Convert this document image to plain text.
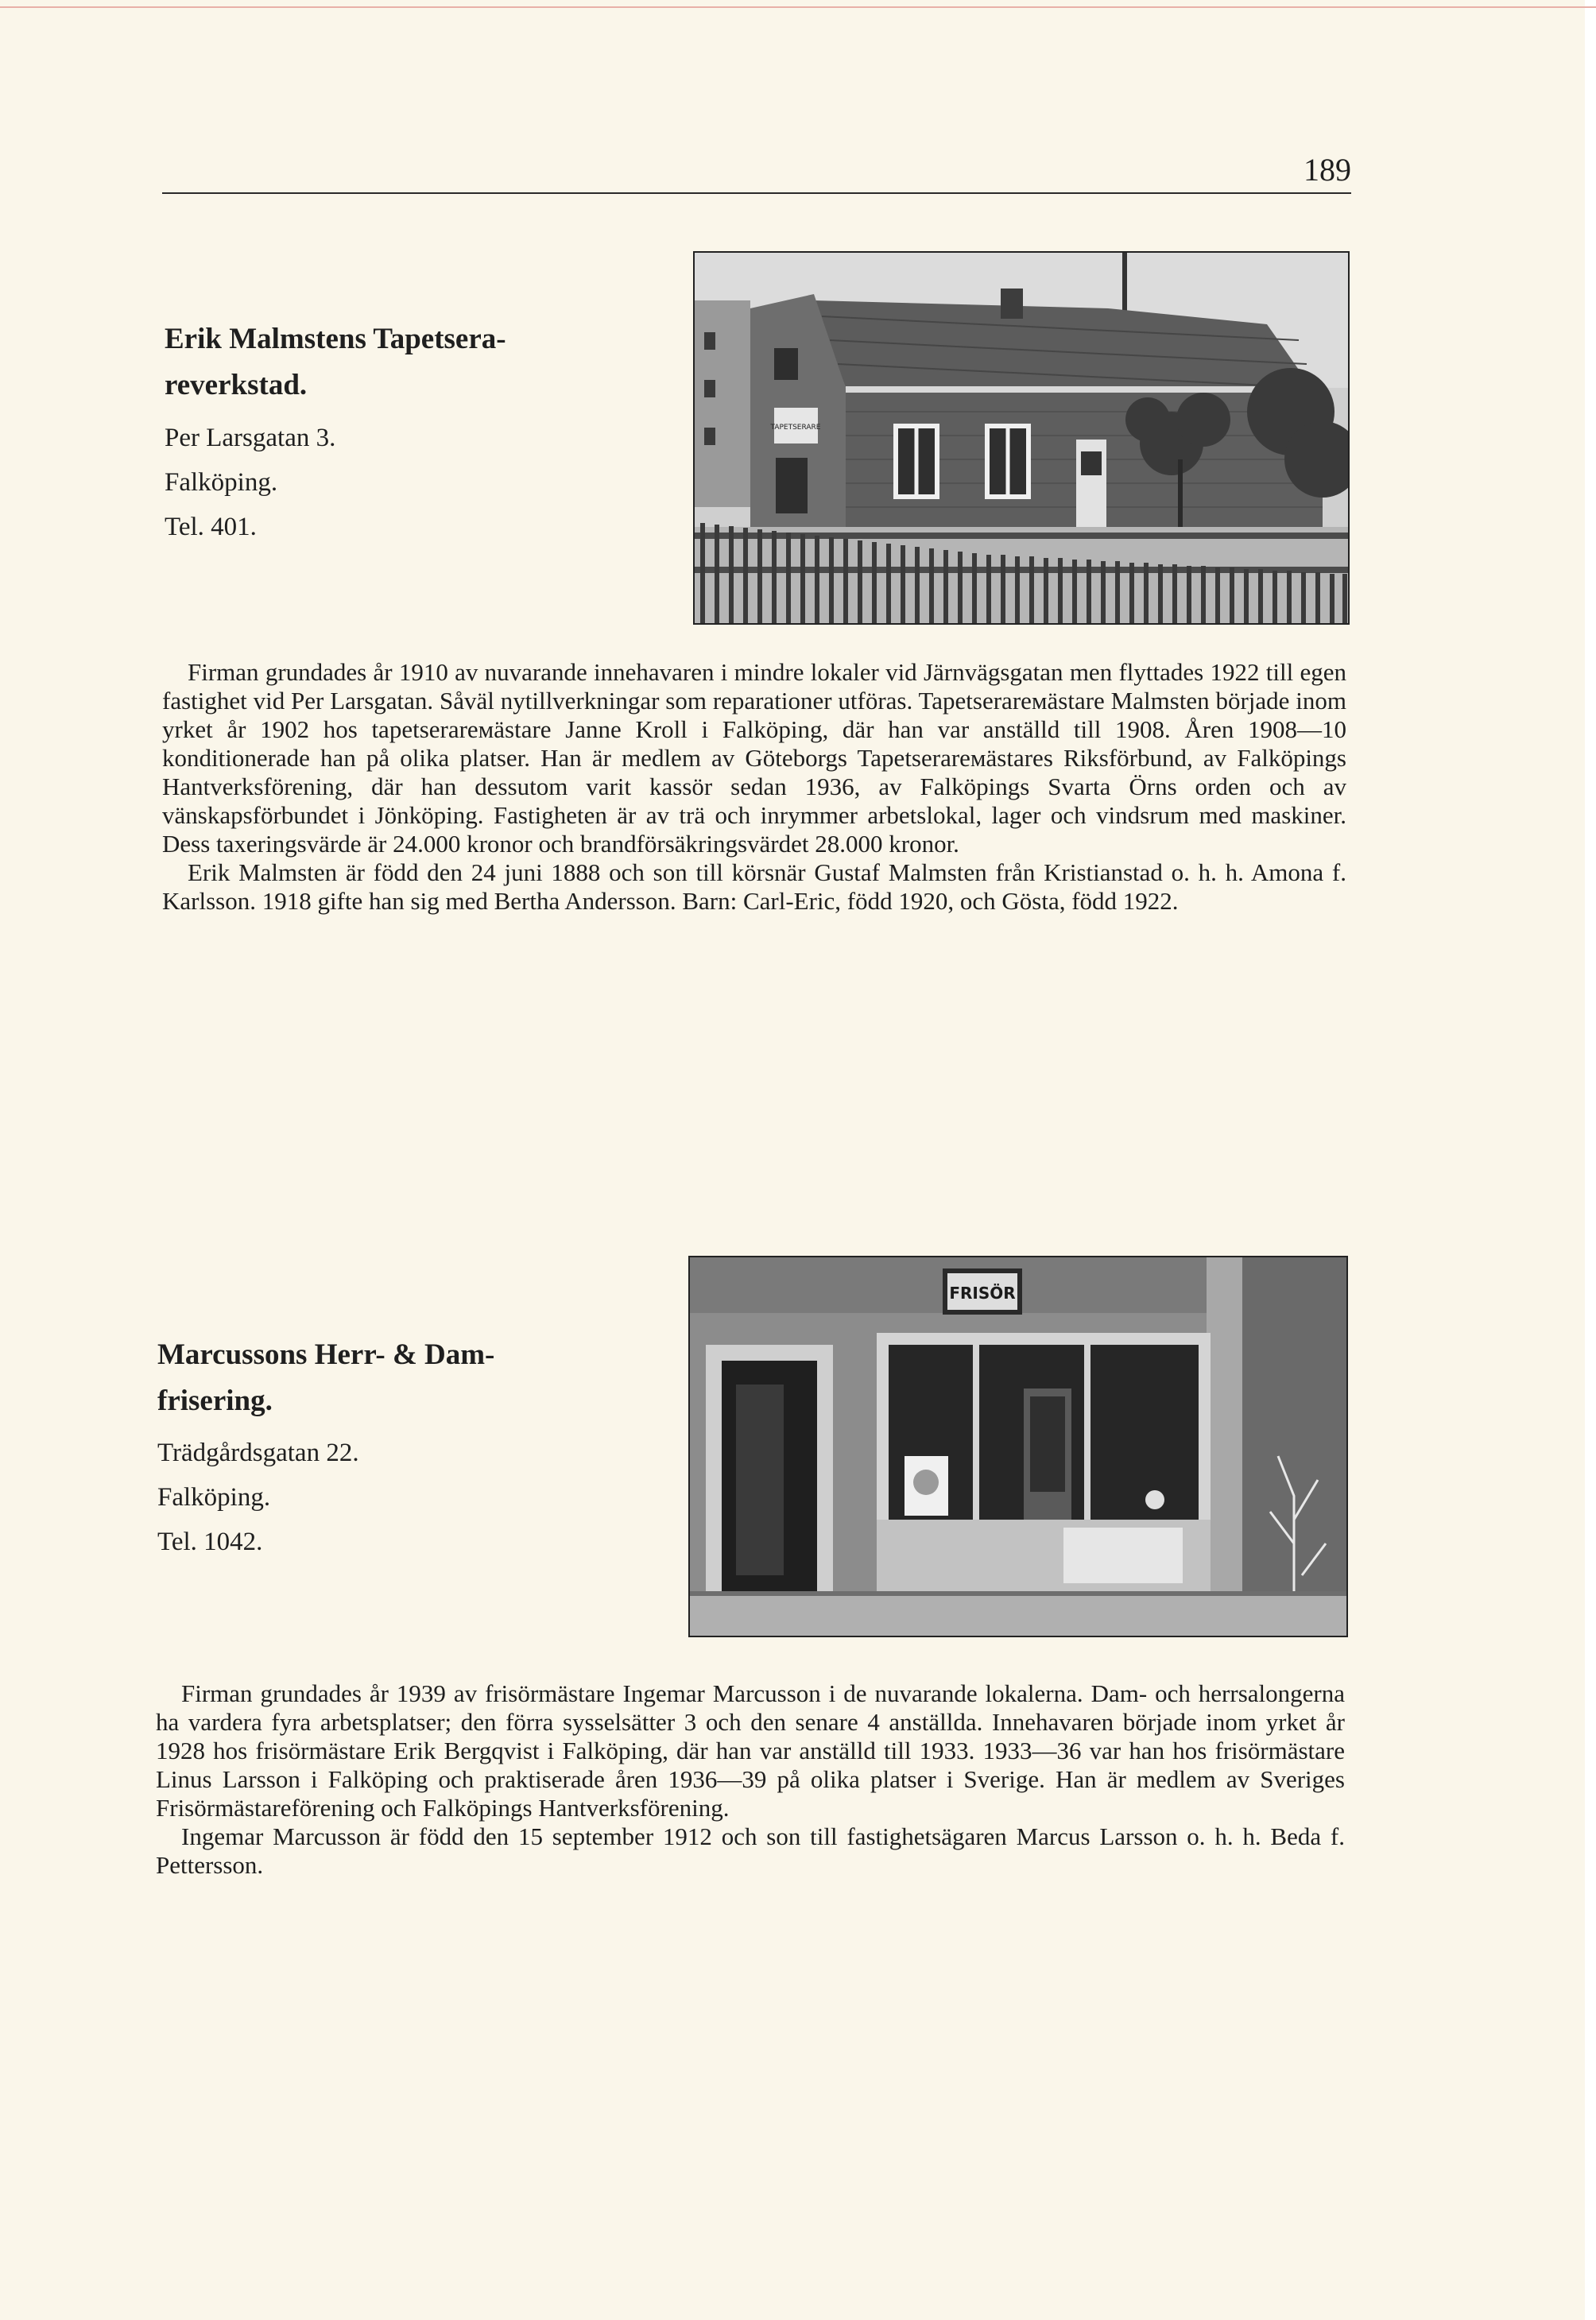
189
Erik Malmstens Tapetsera-
reverkstad.
Per Larsgatan 3.
Falköping.
Tel. 401.
TAPETSERARE

Firman grundades år 1910 av nuvarande innehavaren i mindre lokaler vid Järnvägsgatan men flyttades 1922 till egen fastighet vid Per Larsgatan. Såväl nytillverkningar som reparationer utföras. Tapetserarемästare Malmsten började inom yrket år 1902 hos tapetserarемästare Janne Kroll i Falköping, där han var anställd till 1908. Åren 1908—10 konditionerade han på olika platser. Han är medlem av Göteborgs Tapetserarемästares Riksförbund, av Falköpings Hantverksförening, där han dessutom varit kassör sedan 1936, av Falköpings Svarta Örns orden och av vänskapsförbundet i Jönköping. Fastigheten är av trä och inrymmer arbetslokal, lager och vindsrum med maskiner. Dess taxeringsvärde är 24.000 kronor och brandförsäkringsvärdet 28.000 kronor.

Erik Malmsten är född den 24 juni 1888 och son till körsnär Gustaf Malmsten från Kristianstad o. h. h. Amona f. Karlsson. 1918 gifte han sig med Bertha Andersson. Barn: Carl-Eric, född 1920, och Gösta, född 1922.

Marcussons Herr- & Dam-
frisering.
Trädgårdsgatan 22.
Falköping.
Tel. 1042.
FRISÖR

Firman grundades år 1939 av frisörmästare Ingemar Marcusson i de nuvarande lokalerna. Dam- och herrsalongerna ha vardera fyra arbetsplatser; den förra sysselsätter 3 och den senare 4 anställda. Innehavaren började inom yrket år 1928 hos frisörmästare Erik Bergqvist i Falköping, där han var anställd till 1933. 1933—36 var han hos frisörmästare Linus Larsson i Falköping och praktiserade åren 1936—39 på olika platser i Sverige. Han är medlem av Sveriges Frisörmästareförening och Falköpings Hantverksförening.

Ingemar Marcusson är född den 15 september 1912 och son till fastighetsägaren Marcus Larsson o. h. h. Beda f. Pettersson.
